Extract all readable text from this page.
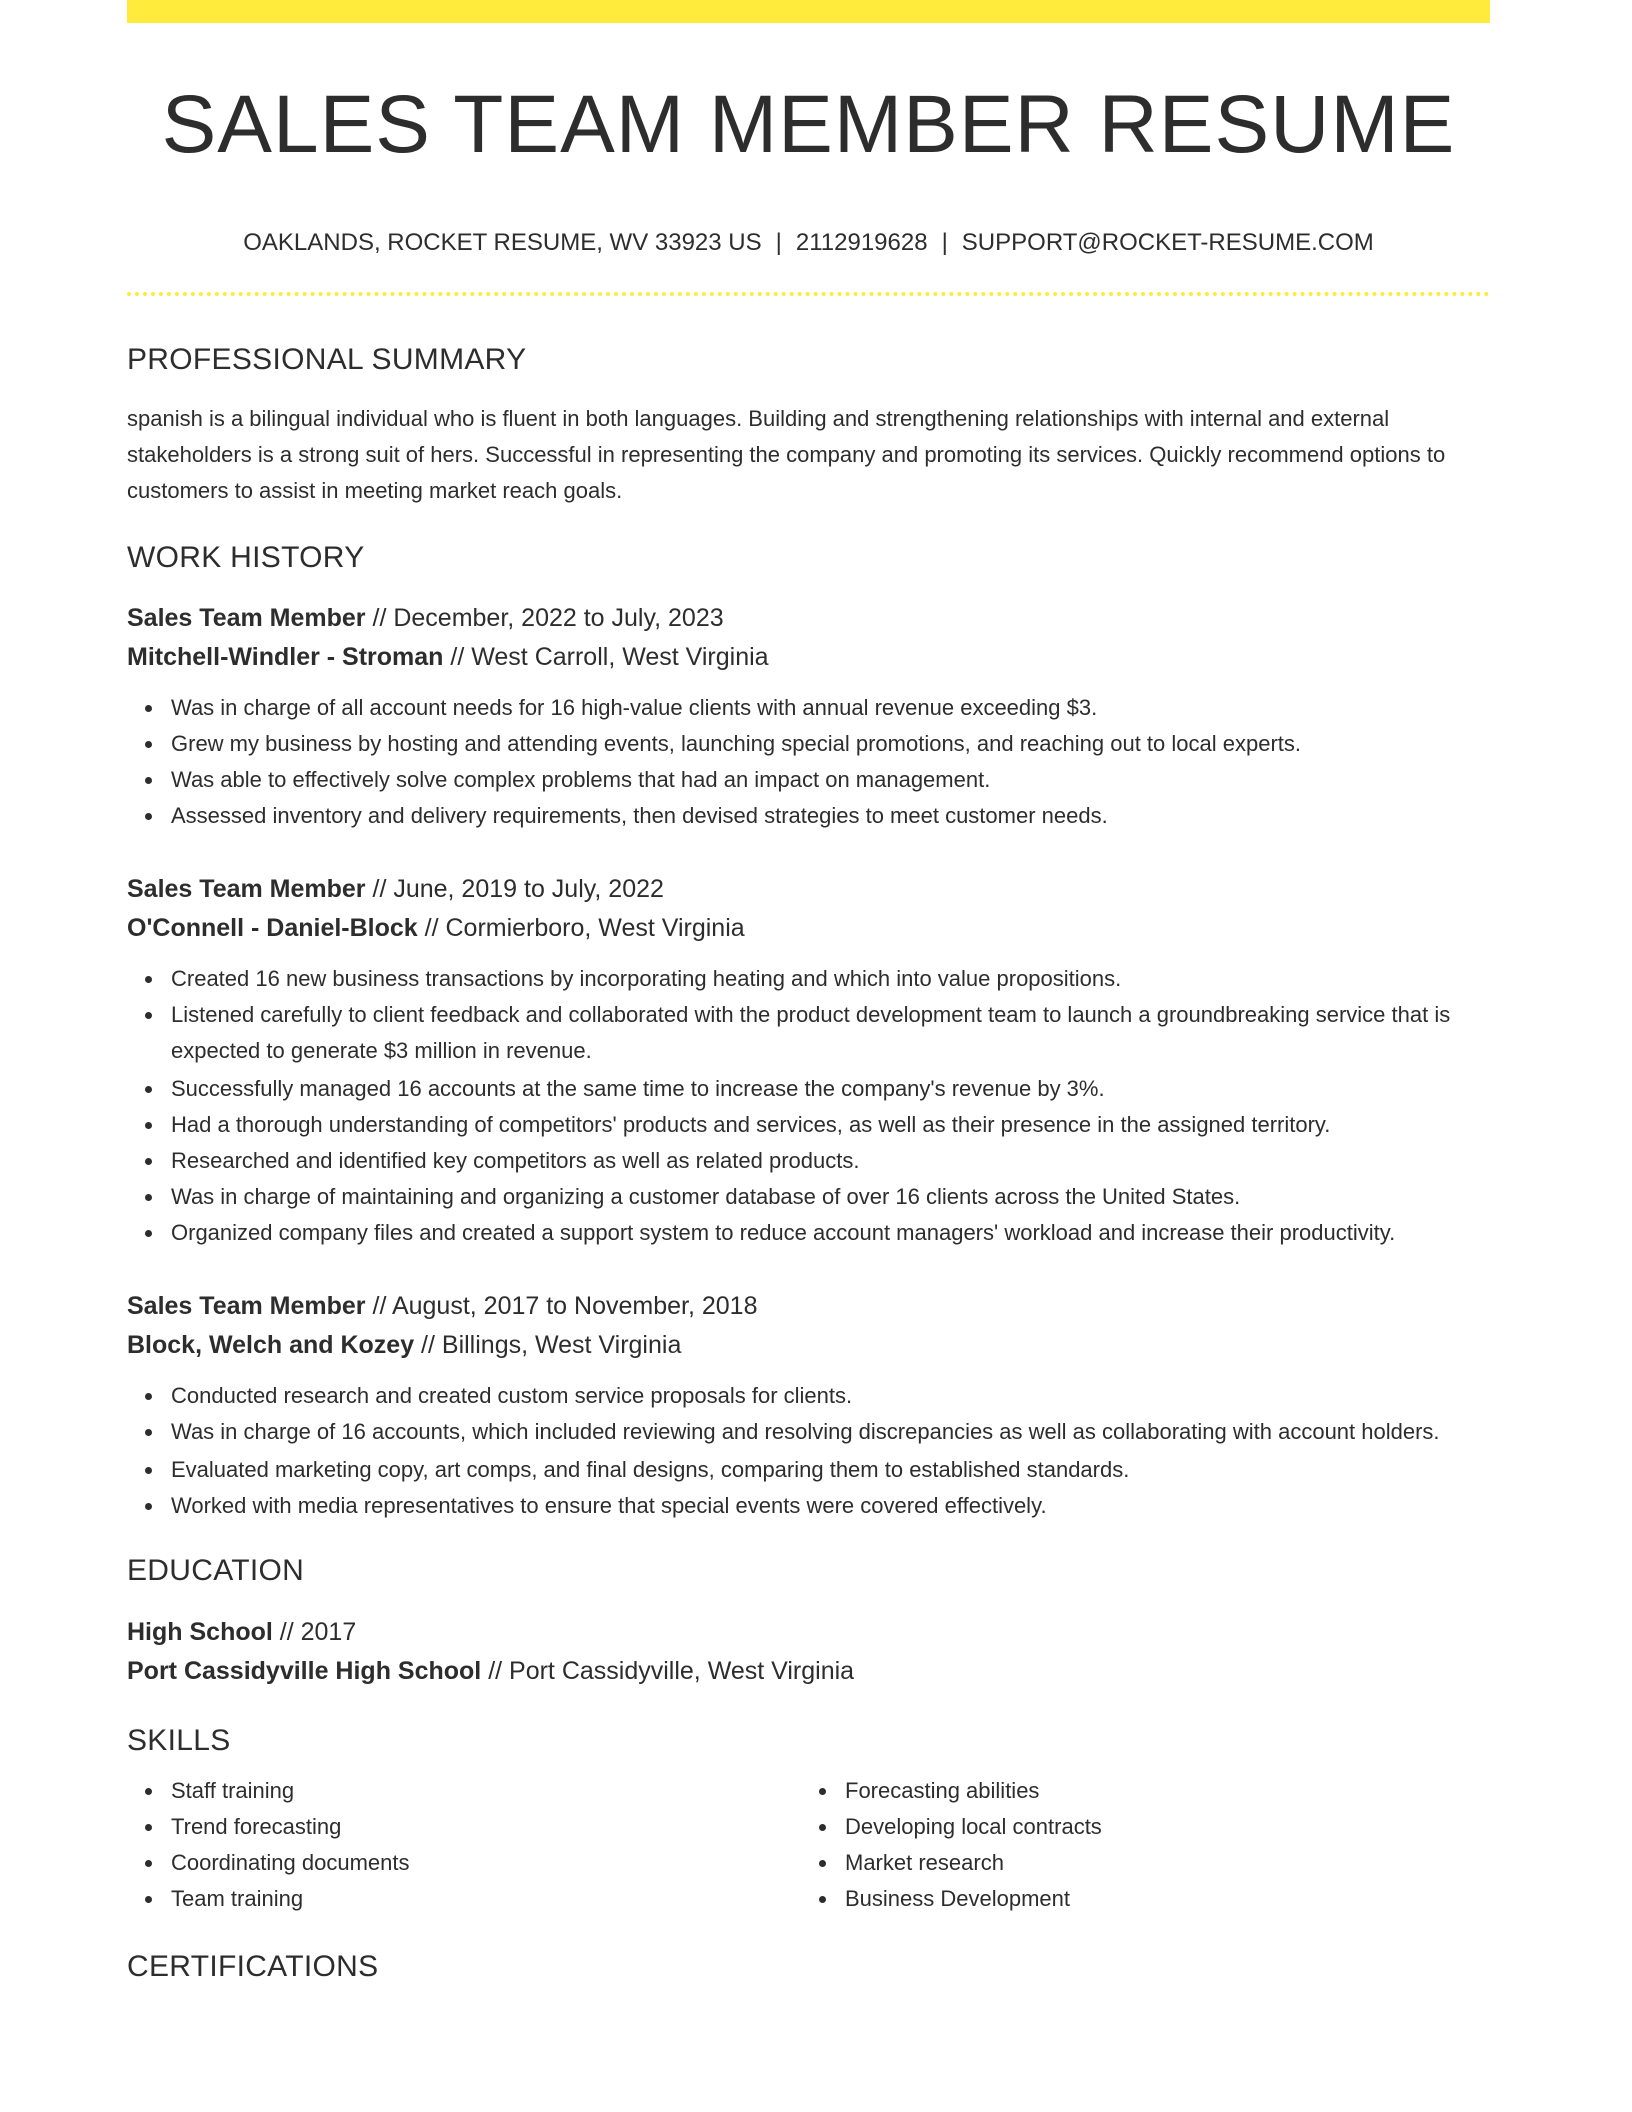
SALES TEAM MEMBER RESUME
OAKLANDS, ROCKET RESUME, WV 33923 US | 2112919628 | SUPPORT@ROCKET-RESUME.COM
PROFESSIONAL SUMMARY
spanish is a bilingual individual who is fluent in both languages. Building and strengthening relationships with internal and external stakeholders is a strong suit of hers. Successful in representing the company and promoting its services. Quickly recommend options to customers to assist in meeting market reach goals.
WORK HISTORY
Sales Team Member // December, 2022 to July, 2023
Mitchell-Windler - Stroman // West Carroll, West Virginia
Was in charge of all account needs for 16 high-value clients with annual revenue exceeding $3.
Grew my business by hosting and attending events, launching special promotions, and reaching out to local experts.
Was able to effectively solve complex problems that had an impact on management.
Assessed inventory and delivery requirements, then devised strategies to meet customer needs.
Sales Team Member // June, 2019 to July, 2022
O'Connell - Daniel-Block // Cormierboro, West Virginia
Created 16 new business transactions by incorporating heating and which into value propositions.
Listened carefully to client feedback and collaborated with the product development team to launch a groundbreaking service that is expected to generate $3 million in revenue.
Successfully managed 16 accounts at the same time to increase the company's revenue by 3%.
Had a thorough understanding of competitors' products and services, as well as their presence in the assigned territory.
Researched and identified key competitors as well as related products.
Was in charge of maintaining and organizing a customer database of over 16 clients across the United States.
Organized company files and created a support system to reduce account managers' workload and increase their productivity.
Sales Team Member // August, 2017 to November, 2018
Block, Welch and Kozey // Billings, West Virginia
Conducted research and created custom service proposals for clients.
Was in charge of 16 accounts, which included reviewing and resolving discrepancies as well as collaborating with account holders.
Evaluated marketing copy, art comps, and final designs, comparing them to established standards.
Worked with media representatives to ensure that special events were covered effectively.
EDUCATION
High School // 2017
Port Cassidyville High School // Port Cassidyville, West Virginia
SKILLS
Staff training
Trend forecasting
Coordinating documents
Team training
Forecasting abilities
Developing local contracts
Market research
Business Development
CERTIFICATIONS
